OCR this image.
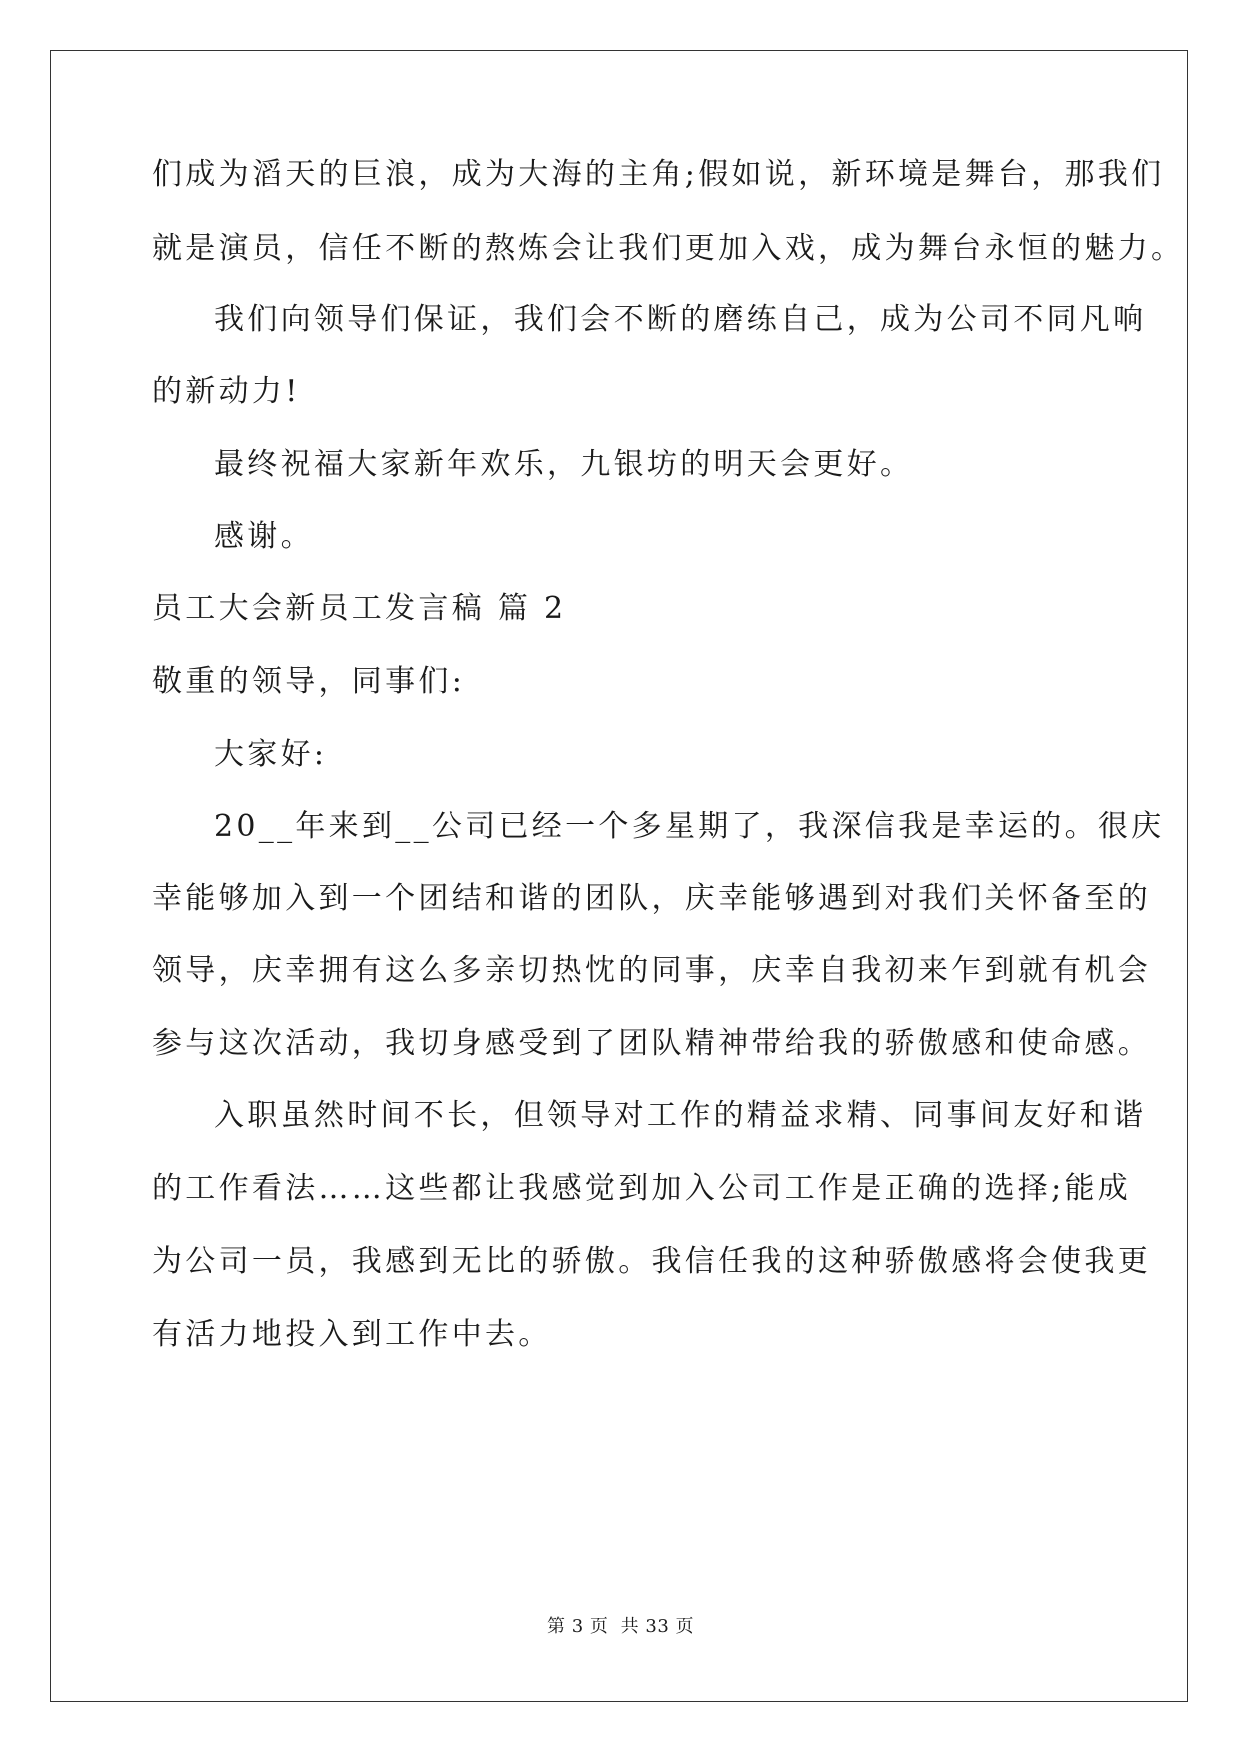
们成为滔天的巨浪，成为大海的主角;假如说，新环境是舞台，那我们
就是演员，信任不断的熬炼会让我们更加入戏，成为舞台永恒的魅力。
我们向领导们保证，我们会不断的磨练自己，成为公司不同凡响
的新动力!
最终祝福大家新年欢乐，九银坊的明天会更好。
感谢。
员工大会新员工发言稿 篇 2
敬重的领导，同事们:
大家好:
20__年来到__公司已经一个多星期了，我深信我是幸运的。很庆
幸能够加入到一个团结和谐的团队，庆幸能够遇到对我们关怀备至的
领导，庆幸拥有这么多亲切热忱的同事，庆幸自我初来乍到就有机会
参与这次活动，我切身感受到了团队精神带给我的骄傲感和使命感。
入职虽然时间不长，但领导对工作的精益求精、同事间友好和谐
的工作看法……这些都让我感觉到加入公司工作是正确的选择;能成
为公司一员，我感到无比的骄傲。我信任我的这种骄傲感将会使我更
有活力地投入到工作中去。
第 3 页 共 33 页
